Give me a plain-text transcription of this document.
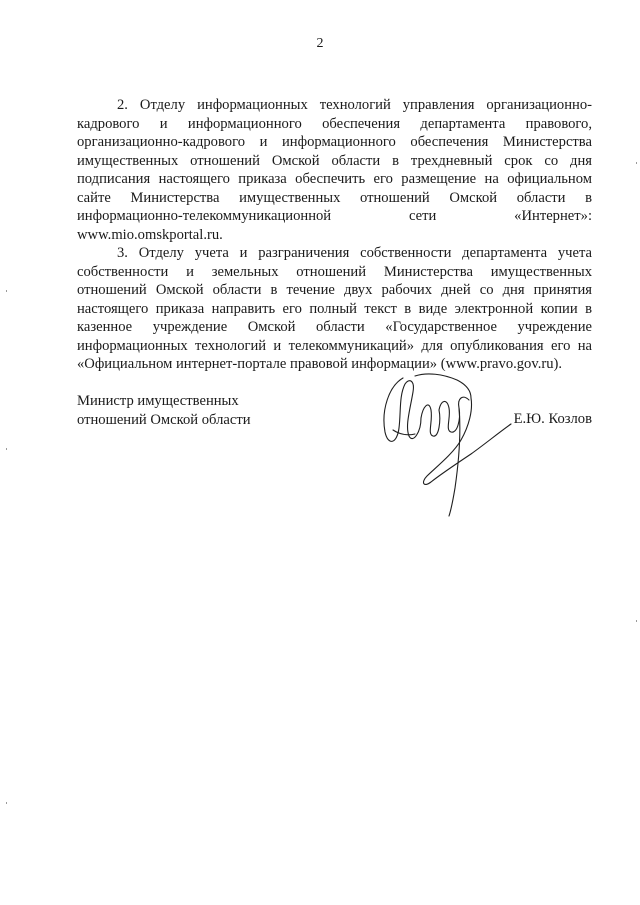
2

2. Отделу информационных технологий управления организационно-кадрового и информационного обеспечения департамента правового, организационно-кадрового и информационного обеспечения Министерства имущественных отношений Омской области в трехдневный срок со дня подписания настоящего приказа обеспечить его размещение на официальном сайте Министерства имущественных отношений Омской области в информационно-телекоммуникационной сети «Интернет»: www.mio.omskportal.ru.

3. Отделу учета и разграничения собственности департамента учета собственности и земельных отношений Министерства имущественных отношений Омской области в течение двух рабочих дней со дня принятия настоящего приказа направить его полный текст в виде электронной копии в казенное учреждение Омской области «Государственное учреждение информационных технологий и телекоммуникаций» для опубликования его на «Официальном интернет-портале правовой информации» (www.pravo.gov.ru).

Министр имущественных
отношений Омской области	Е.Ю. Козлов
